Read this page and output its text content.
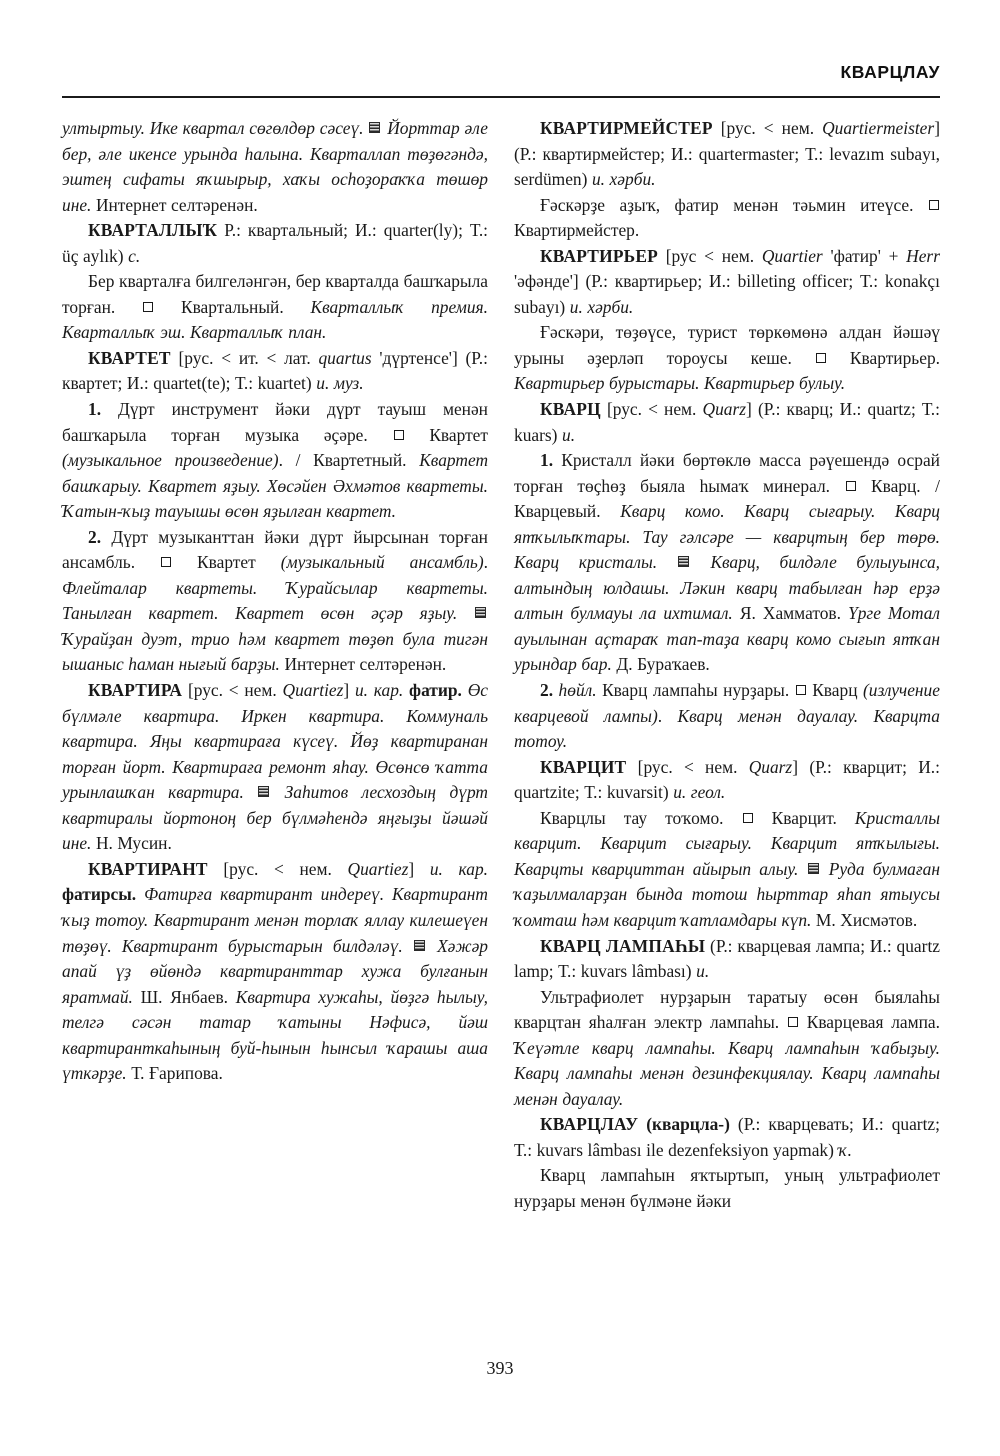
КВАРЦЛАУ

ултыртыу. Ике квартал сөгөлдөр сәсеү.  Йорттар әле бер, әле икенсе урында һалына. Кварталлап төҙөгәндә, эштең сифаты яҡшырыр, хаҡы осһоҙораҡҡа төшөр ине. Интернет селтәренән.

КВАРТАЛЛЫҠ Р.: квартальный; И.: quarter(ly); Т.: üç aylık) с.

Бер кварталға билгеләнгән, бер кварталда башҡарыла торған.	Квартальный. Кварталлыҡ премия. Кварталлыҡ эш. Кварталлыҡ план.

КВАРТЕТ [рус. < ит. < лат. quartus 'дүртенсе'] (Р.: квартет; И.: quartet(te); Т.: kuartet) и. муз.

1. Дүрт инструмент йәки дүрт тауыш менән башҡарыла торған музыка әҫәре.	Квартет (музыкальное произведение). / Квартетный. Квартет башҡарыу. Квартет яҙыу. Хөсәйен Әхмәтов квартеты. Ҡатын-ҡыҙ тауышы өсөн яҙылған квартет.

2. Дүрт музыканттан йәки дүрт йырсынан торған ансамбль.	Квартет (музыкальный ансамбль). Флейталар квартеты. Ҡурайсылар квартеты. Танылған квартет. Квартет өсөн әҫәр яҙыу.  Ҡурайҙан дуэт, трио һәм квартет төҙөп була тигән ышаныс һаман нығый барҙы. Интернет селтәренән.

КВАРТИРА [рус. < нем. Quartiez] и. кар. фатир. Өс бүлмәле квартира. Иркен квартира. Коммуналь квартира. Яңы квартираға күсеү. Йөҙ квартиранан торған йорт. Квартираға ремонт яһау. Өсөнсө ҡатта урынлашҡан квартира. Заһитов лесхоздың дүрт квартиралы йортоноң бер бүлмәһендә яңғыҙы йәшәй ине. Н. Мусин.

КВАРТИРАНТ [рус. < нем. Quartiez] и. кар. фатирсы. Фатирға квартирант индереү. Квартирант ҡыҙ тотоу. Квартирант менән торлаҡ яллау килешеүен төҙөү. Квартирант бурыстарын билдәләү. Хәжәр апай үҙ өйөндә квартиранттар хужа булғанын яратмай. Ш. Янбаев. Квартира хужаһы, йөҙгә һылыу, телгә сәсән татар ҡатыны Нәфисә, йәш квартиранткаһының буй-һынын һынсыл ҡарашы аша үткәрҙе. Т. Ғарипова.

КВАРТИРМЕЙСТЕР [рус. < нем. Quartiermeister] (Р.: квартирмейстер; И.: quartermaster; Т.: levazım subayı, serdümen) и. хәрби.

Ғәскәрҙе аҙыҡ, фатир менән тәьмин итеүсе.  Квартирмейстер.

КВАРТИРЬЕР [рус < нем. Quartier 'фатир' + Herr 'әфәнде'] (Р.: квартирьер; И.: billeting officer; Т.: konakçı subayı) и. хәрби.

Ғәскәри, төҙөүсе, турист төркөмөнә алдан йәшәү урыны әҙерләп тороусы кеше.	Квартирьер. Квартирьер бурыстары. Квартирьер булыу.

КВАРЦ [рус. < нем. Quarz] (Р.: кварц; И.: quartz; Т.: kuars) и.

1. Кристалл йәки бөртөклө масса рәүешендә осрай торған төҫһөҙ быяла һымаҡ минерал. Кварц. / Кварцевый. Кварц комо. Кварц сығарыу. Кварц ятҡылыҡтары. Тау гәлсәре — кварцтың бер төрө. Кварц кристалы.	Кварц, билдәле булыуынса, алтындың юлдашы. Ләкин кварц табылған һәр ерҙә алтын булмауы ла ихтимал. Я. Хамматов. Үрге Мотал ауылынан аҫтараҡ тап-таҙа кварц комо сығып ятҡан урындар бар. Д. Бураҡаев.

2. һөйл. Кварц лампаһы нурҙары. Кварц (излучение кварцевой лампы). Кварц менән дауалау. Кварцта тотоу.

КВАРЦИТ [рус. < нем. Quarz] (Р.: кварцит; И.: quartzite; Т.: kuvarsit) и. геол.

Кварцлы тау тоҡомо.	Кварцит. Кристаллы кварцит. Кварцит сығарыу. Кварцит ятҡылығы. Кварцты кварциттан айырып алыу. Руда булмаған ҡаҙылмаларҙан бында тотош һырттар яһап ятыусы ҡомташ һәм кварцит ҡатламдары күп. М. Хисмәтов.

КВАРЦ ЛАМПАҺЫ (Р.: кварцевая лампа; И.: quartz lamp; Т.: kuvars lâmbası) и.

Ультрафиолет нурҙарын таратыу өсөн быялаһы кварцтан яһалған электр лампаһы. Кварцевая лампа. Ҡеүәтле кварц лампаһы. Кварц лампаһын ҡабыҙыу. Кварц лампаһы менән дезинфекциялау. Кварц лампаһы менән дауалау.

КВАРЦЛАУ (кварцла-) (Р.: кварцевать; И.: quartz; Т.: kuvars lâmbası ile dezenfeksiyon yapmak) ҡ.

Кварц лампаһын яҡтыртып, уның ультрафиолет нурҙары менән бүлмәне йәки

393
